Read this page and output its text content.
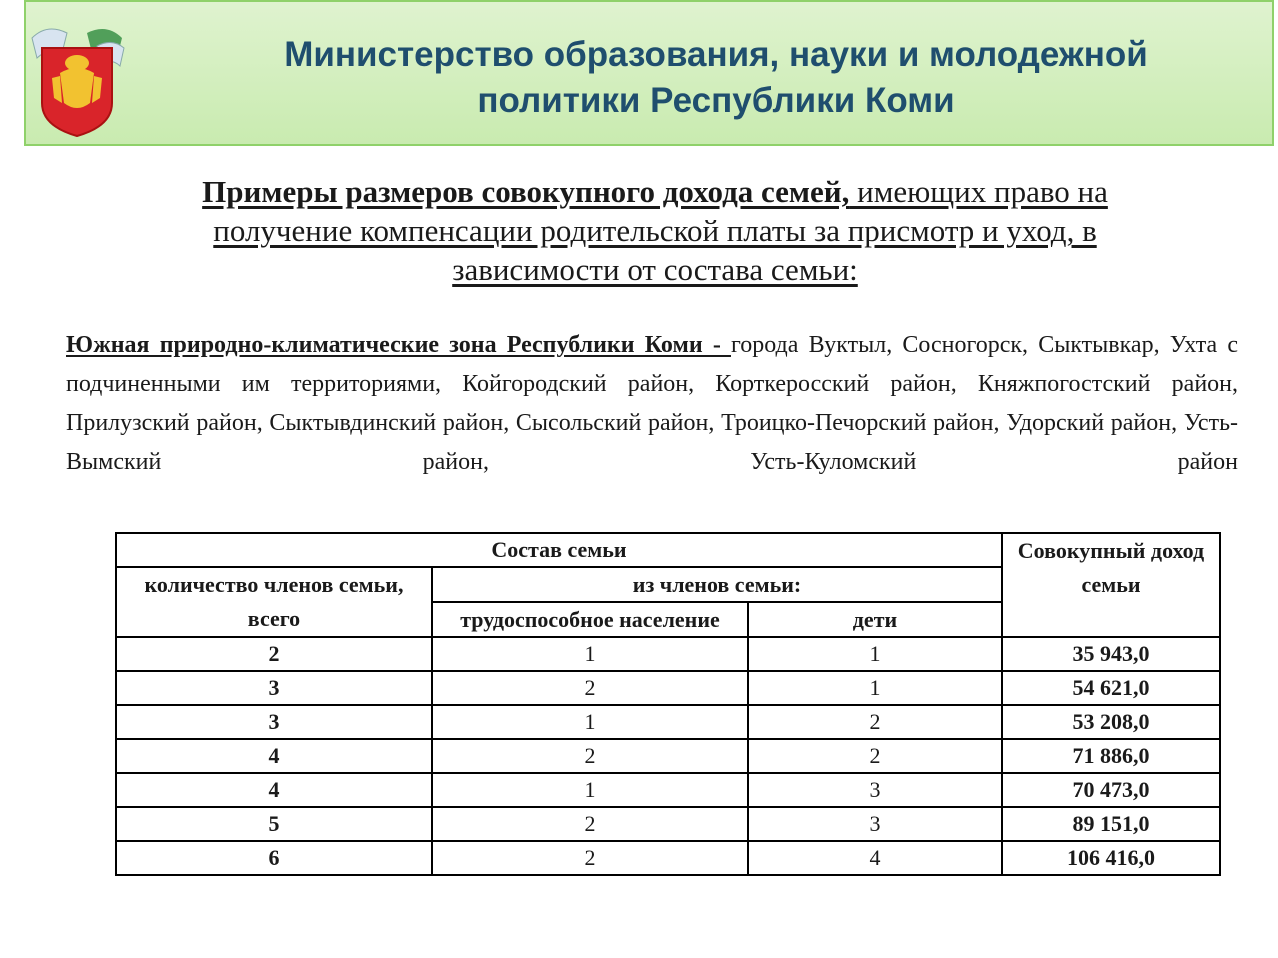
Министерство образования, науки и молодежной
политики Республики Коми
Примеры размеров совокупного дохода семей, имеющих право на
получение компенсации родительской платы за присмотр и уход, в
зависимости от состава семьи:
Южная природно-климатические зона Республики Коми - города Вуктыл, Сосногорск, Сыктывкар, Ухта с подчиненными им территориями, Койгородский район, Корткеросский район, Княжпогостский район, Прилузский район, Сыктывдинский район, Сысольский район, Троицко-Печорский район, Удорский район, Усть-Вымский район, Усть-Куломский район
Состав семьи			Совокупный доход семьи
количество членов семьи, всего	из членов семьи:		
	трудоспособное население	дети	
2	1	1	35 943,0
3	2	1	54 621,0
3	1	2	53 208,0
4	2	2	71 886,0
4	1	3	70 473,0
5	2	3	89 151,0
6	2	4	106 416,0
